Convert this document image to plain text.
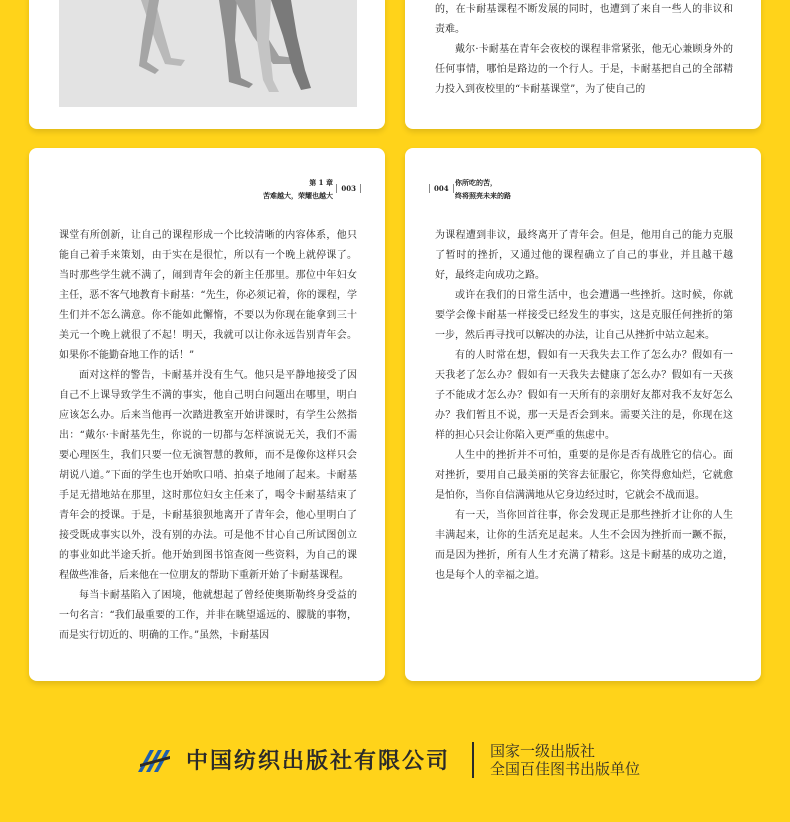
的，在卡耐基课程不断发展的同时，也遭到了来自一些人的非议和责难。

戴尔·卡耐基在青年会夜校的课程非常紧张，他无心兼顾身外的任何事情，哪怕是路边的一个行人。于是，卡耐基把自己的全部精力投入到夜校里的“卡耐基课堂”，为了使自己的

第 1 章
苦难越大，荣耀也越大
003

课堂有所创新，让自己的课程形成一个比较清晰的内容体系，他只能自己着手来策划，由于实在是很忙，所以有一个晚上就停课了。当时那些学生就不满了，闹到青年会的新主任那里。那位中年妇女主任，恶不客气地教育卡耐基：“先生，你必须记着，你的课程，学生们并不怎么满意。你不能如此懈惰，不要以为你现在能拿到三十美元一个晚上就很了不起！明天，我就可以让你永远告别青年会。如果你不能勤奋地工作的话！”

面对这样的警告，卡耐基并没有生气。他只是平静地接受了因自己不上课导致学生不满的事实，他自己明白问题出在哪里，明白应该怎么办。后来当他再一次踏进教室开始讲课时，有学生公然指出：“戴尔·卡耐基先生，你说的一切都与怎样演说无关，我们不需要心理医生，我们只要一位无演智慧的教师，而不是像你这样只会胡说八道。”下面的学生也开始吹口哨、拍桌子地闹了起来。卡耐基手足无措地站在那里，这时那位妇女主任来了，喝令卡耐基结束了青年会的授课。于是，卡耐基狼狈地离开了青年会，他心里明白了接受既成事实以外，没有别的办法。可是他不甘心自己所试图创立的事业如此半途夭折。他开始到图书馆查阅一些资料，为自己的课程做些准备，后来他在一位朋友的帮助下重新开始了卡耐基课程。

每当卡耐基陷入了困境，他就想起了曾经使奥斯勒终身受益的一句名言：“我们最重要的工作，并非在眺望遥远的、朦胧的事物，而是实行切近的、明确的工作。”虽然，卡耐基因

004
你所吃的苦，
终将照亮未来的路

为课程遭到非议，最终离开了青年会。但是，他用自己的能力克服了暂时的挫折，又通过他的课程确立了自己的事业，并且越干越好，最终走向成功之路。

或许在我们的日常生活中，也会遭遇一些挫折。这时候，你就要学会像卡耐基一样接受已经发生的事实，这是克服任何挫折的第一步，然后再寻找可以解决的办法，让自己从挫折中站立起来。

有的人时常在想，假如有一天我失去工作了怎么办？假如有一天我老了怎么办？假如有一天我失去健康了怎么办？假如有一天孩子不能成才怎么办？假如有一天所有的亲朋好友都对我不友好怎么办？我们暂且不说，那一天是否会到来。需要关注的是，你现在这样的担心只会让你陷入更严重的焦虑中。

人生中的挫折并不可怕，重要的是你是否有战胜它的信心。面对挫折，要用自己最美丽的笑容去征服它，你笑得愈灿烂，它就愈是怕你，当你自信满满地从它身边经过时，它就会不战而退。

有一天，当你回首往事，你会发现正是那些挫折才让你的人生丰满起来，让你的生活充足起来。人生不会因为挫折而一蹶不振，而是因为挫折，所有人生才充满了精彩。这是卡耐基的成功之道，也是每个人的幸福之道。

中国纺织出版社有限公司	国家一级出版社
全国百佳图书出版单位
